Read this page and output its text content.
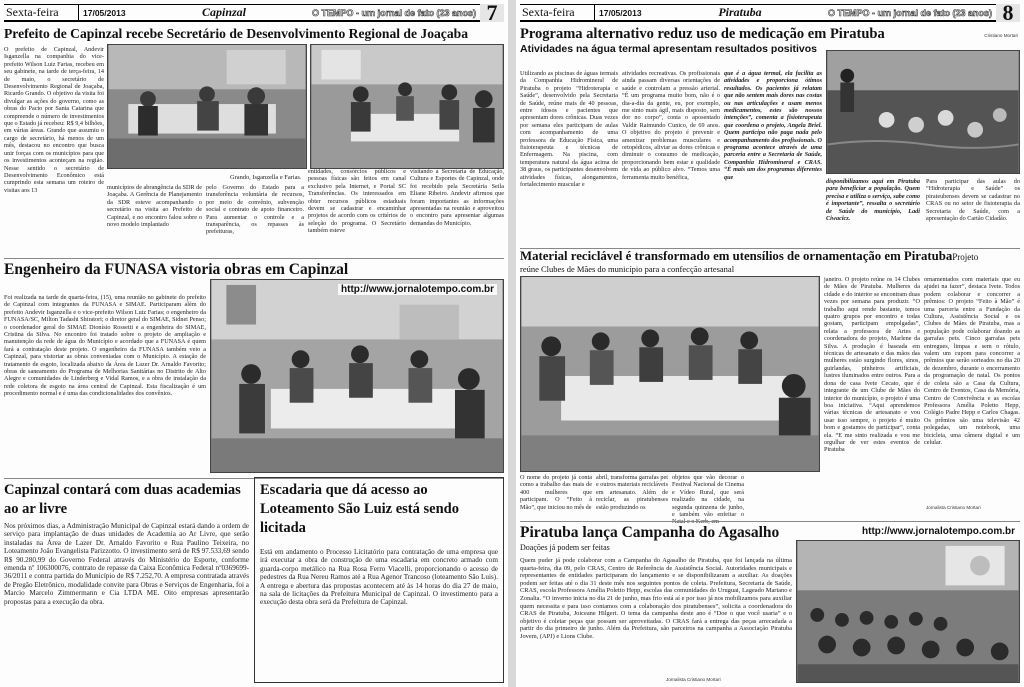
Sexta-feira	17/05/2013	Capinzal	O TEMPO - um jornal de fato (23 anos) 7
Prefeito de Capinzal recebe Secretário de Desenvolvimento Regional de Joaçaba
O prefeito de Capinzal, Andevir Isganzella na companhia do vice-prefeito Wilson Luiz Farias, recebeu em seu gabinete, na tarde de terça-feira, 14 de maio, o secretário de Desenvolvimento Regional de Joaçaba, Ricardo Grando. O objetivo da visita foi divulgar as ações do governo, como as obras do Pacto por Santa Catarina que compreende o número de investimentos que o Estado já recebeu: R$ 9,4 bilhões, em várias áreas. Grando que assumiu o cargo de secretário, há menos de um mês, destacou no encontro que busca unir forças com os municípios para que os investimentos aconteçam na região. Nesse sentido o secretário de Desenvolvimento Econômico está cumprindo esta semana um roteiro de visitas aos 13
Grando, Isganzella e Farias.
municípios de abrangência da SDR de Joaçaba. A Gerência de Planejamento da SDR esteve acompanhando o secretário na visita ao Prefeito de Capinzal, e no encontro falou sobre o novo modelo implantado
pelo Governo do Estado para a transferência voluntária de recursos, por meio de convênio, subvenção social e contrato de apoio financeiro. Para aumentar o controle e a transparência, os repasses às prefeituras,
entidades, consórcios públicos e pessoas físicas são feitos em canal exclusivo pela Internet, e Portal SC Transferências. Os interessados em obter recursos públicos estaduais devem se cadastrar e encaminhar projetos de acordo com os critérios de seleção do programa. O Secretário também esteve
visitando a Secretaria de Educação, Cultura e Esportes de Capinzal, onde foi recebido pela Secretária Seila Eliane Ribeiro. Andevir afirmou que foram importantes as informações apresentadas na reunião e aproveitou o encontro para apresentar algumas demandas do Município.
Engenheiro da FUNASA vistoria obras em Capinzal
Foi realizada na tarde de quarta-feira, (15), uma reunião no gabinete do prefeito de Capinzal com integrantes da FUNASA e SIMAE. Participaram além do prefeito Andevir Isganzella e o vice-prefeito Wilson Luiz Farias; o engenheiro da FUNASA/SC, Milton Tadashi Shiratori; o diretor geral do SIMAE, Sidnei Penso; o coordenador geral do SIMAE Dionísio Rossetti e a engenheira do SIMAE, Cristina da Silva. No encontro foi tratado sobre o projeto de ampliação e manutenção da rede de água do Município e acordado que a FUNASA é quem fará a contratação deste projeto. O engenheiro da FUNASA também veio a Capinzal, para vistoriar as obras conveniadas com o Município. A estação de tratamento de esgoto, localizada abaixo da Área de Lazer Dr. Arnaldo Favorito; obras de saneamento do Programa de Melhorias Sanitárias no Distrito de Alto Alegre e comunidades de Linderberg e Vidal Ramos, e a obra de instalação da rede coletora de esgoto na área central de Capinzal. Esta fiscalização é um procedimento normal e é uma das condicionalidades dos convênios.
http://www.jornalotempo.com.br
Capinzal contará com duas academias ao ar livre
Nos próximos dias, a Administração Municipal de Capinzal estará dando a ordem de serviço para implantação de duas unidades de Academia ao Ar Livre, que serão instaladas na Área de Lazer Dr. Arnaldo Favorito e Rua Paulino Teixeira, no Loteamento João Evangelista Parizzotto. O investimento será de R$ 97.533,69 sendo R$ 90.280,99 do Governo Federal através do Ministério do Esporte, conforme emenda nº 106300076, contrato de repasse da Caixa Econômica Federal nº0369699-36/2011 e contra partida do Município de R$ 7.252,70. A empresa contratada através de Pregão Eletrônico, modalidade convite para Obras e Serviços de Engenharia, foi a Marcio Marcelo Zimmermann e Cia LTDA ME. Oito empresas apresentarão propostas para a execução da obra.
Escadaria que dá acesso ao Loteamento São Luiz está sendo licitada
Está em andamento o Processo Licitatório para contratação de uma empresa que irá executar a obra de construção de uma escadaria em concreto armado com guarda-corpo metálico na Rua Rosa Ferro Viacelli, proporcionando o acesso de pedestres da Rua Nereu Ramos até a Rua Agenor Trancoso (loteamento São Luis). A entrega e abertura das propostas acontecem até às 14 horas do dia 27 de maio, na sala de licitações da Prefeitura Municipal de Capinzal. O investimento para a execução desta obra será da Prefeitura de Capinzal.
Sexta-feira	17/05/2013	Piratuba	O TEMPO - um jornal de fato (23 anos) 8
Programa alternativo reduz uso de medicação em Piratuba	Cristiano Mortari
Atividades na água termal apresentam resultados positivos
Utilizando as piscinas de águas termais da Companhia Hidromineral de Piratuba o projeto “Hidroterapia e Saúde”, desenvolvido pela Secretaria de Saúde, reúne mais de 40 pessoas, entre idosos e pacientes que apresentam dores crônicas. Duas vezes por semana eles participam de aulas com acompanhamento de uma professora de Educação Física, uma fisioterapeuta e técnicas de Enfermagem. Na piscina, com temperatura natural da água acima de 38 graus, os participantes desenvolvem atividades físicas, alongamentos, fortalecimento muscular e
atividades recreativas. Os profissionais ainda passam diversas orientações de saúde e controlam a pressão arterial. “É um programa muito bom, não é o dia-a-dia da gente, eu, por exemplo, me sinto mais ágil, mais disposto, sem dor no corpo”, conta o aposentado Valdir Raimundo Cunico, de 69 anos. O objetivo do projeto é prevenir e amenizar problemas musculares e ortopédicos, aliviar as dores crônicas e diminuir o consumo de medicação, proporcionando bem estar e qualidade de vida ao público alvo. “Temos uma ferramenta muito benéfica,
que é a água termal, ela facilita as atividades e proporciona ótimos resultados. Os pacientes já relatam que não sentem mais dores nas costas ou nas articulações e usam menos medicamentos, estes são nossos intenções”, comenta a fisioterapeuta que coordena o projeto, Angela Briel. Quem participa não paga nada pelo acompanhamento dos profissionais. O programa acontece através de uma parceria entre a Secretaria de Saúde, Companhia Hidromineral e CRAS. “É mais um dos programas diferentes que
disponibilizamos aqui em Piratuba para beneficiar a população. Quem precisa e utiliza o serviço, sabe como é importante”, ressalta o secretário de Saúde do município, Ladi Ciwacicz.
Para participar das aulas do “Hidroterapia e Saúde” os pirateubenses devem se cadastrar no CRAS ou no setor de fisioterapia da Secretaria de Saúde, com a apresentação do Cartão Cidadão.
Material reciclável é transformado em utensílios de ornamentação em PiratubaProjeto
reúne Clubes de Mães do município para a confecção artesanal
O nome do projeto já conta como a trabalho das mais de 400 mulheres que participam. O “Feito à Mão”, que iniciou no mês de
abril, transforma garrafas pet e outros materiais recicláveis em artesanato. Além de reciclar, as piratubenses estão produzindo os
objetos que vão decorar o Festival Nacional de Cinema e Vídeo Rural, que será realizado na cidade, na segunda quinzena de junho, e também vão enfeitar o
janeiro. O projeto reúne os 14 Clubes de Mães de Piratuba. Mulheres da cidade e do interior se encontram duas vezes por semana para produzir. “O trabalho aqui rende bastante, temos quatro grupos por encontro e todas gostam, participam empolgadas”, relata a professora de Artes e coordenadora do projeto, Marlene da Silva. A produção é baseada em técnicas de artesanato e das mãos das mulheres estão surgindo flores, sinos, guirlandas, pinheiros artificiais, lustres iluminados entre outros. Para a dona de casa Ivete Cecato, que é integrante de um Clube de Mães do interior do município, o projeto é uma boa iniciativa. “Aqui aprendemos várias técnicas de artesanato e vou usar isso sempre, o projeto é muito bom e gostamos de participar”, conta ela. “E me sinto realizada e vou me orgulhar de ver estes eventos de Piratuba
ornamentados com materiais que eu ajudei na fazer”, destaca Ivete. Todos podem colaborar e concorrer a prêmios: O projeto “Feito à Mão” é uma parceria entre a Fundação da Cultura, Assistência Social e os Clubes de Mães de Piratuba, mas a população pode colaborar doando as garrafas pets. Cinco garrafas pets entregues, limpas e sem o rótulo, valem um cupom para concorrer a prêmios que serão sorteados no dia 20 de dezembro, durante o encerramento da programação de natal. Os pontos de coleta são a Casa da Cultura, Centro de Eventos, Casa da Memória, Centro de Convivência e as escolas Professora Amélia Poletto Hepp, Colégio Padre Hepp e Carlos Chagas. Os prêmios são uma televisão 42 polegadas, um notebook, uma bicicleta, uma câmera digital e um celular.
Jornalista Cristiano Mortari
Piratuba lança Campanha do Agasalho	http://www.jornalotempo.com.br
Doações já podem ser feitas
Quem puder já pode colaborar com a Campanha do Agasalho de Piratuba, que foi lançada na última quarta-feira, dia 09, pelo CRAS, Centro de Referência de Assistência Social. Autoridades municipais e representantes de entidades participaram do lançamento e se disponibilizaram a auxiliar. As doações podem ser feitas até o dia 31 deste mês nos seguintes pontos de coleta. Prefeitura, Secretaria de Saúde, CRAS, escola Professora Amélia Poletto Hepp, escolas das comunidades do Uruguai, Lageado Mariano e Zonalta. “O inverno inicia no dia 21 de junho, mas frio está aí e por isso já nos mobilizamos para auxiliar quem necessita e para isso contamos com a colaboração dos piratubenses”, solicita a coordenadora do CRAS de Piratuba, Joiceane Hilgert. O tema da campanha deste ano é “Doe o que você usaria” e o objetivo é coletar peças que possam ser aproveitadas. O CRAS fará a entrega das peças arrecadada a partir do dia primeiro de junho. Além da Prefeitura, são parceiros na campanha a Associação Piratuba Jovem, (APJ) e Lions Clube.
Jornalista Cristiano Mortari
